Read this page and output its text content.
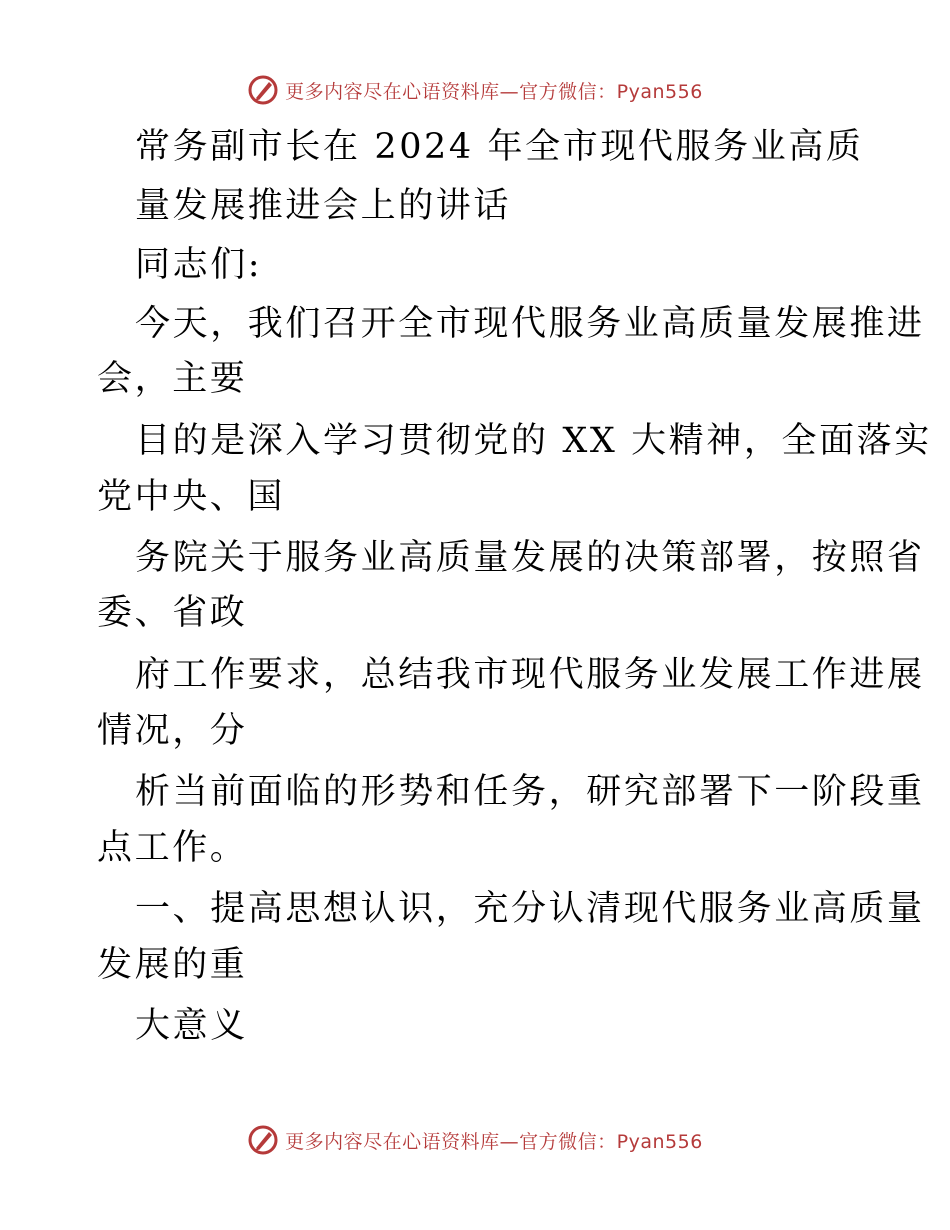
更多内容尽在心语资料库—官方微信：Pyan556
常务副市长在 2024 年全市现代服务业高质
量发展推进会上的讲话
同志们:
今天，我们召开全市现代服务业高质量发展推进
会，主要
目的是深入学习贯彻党的 XX 大精神，全面落实
党中央、国
务院关于服务业高质量发展的决策部署，按照省
委、省政
府工作要求，总结我市现代服务业发展工作进展
情况，分
析当前面临的形势和任务，研究部署下一阶段重
点工作。
一、提高思想认识，充分认清现代服务业高质量
发展的重
大意义
更多内容尽在心语资料库—官方微信：Pyan556
